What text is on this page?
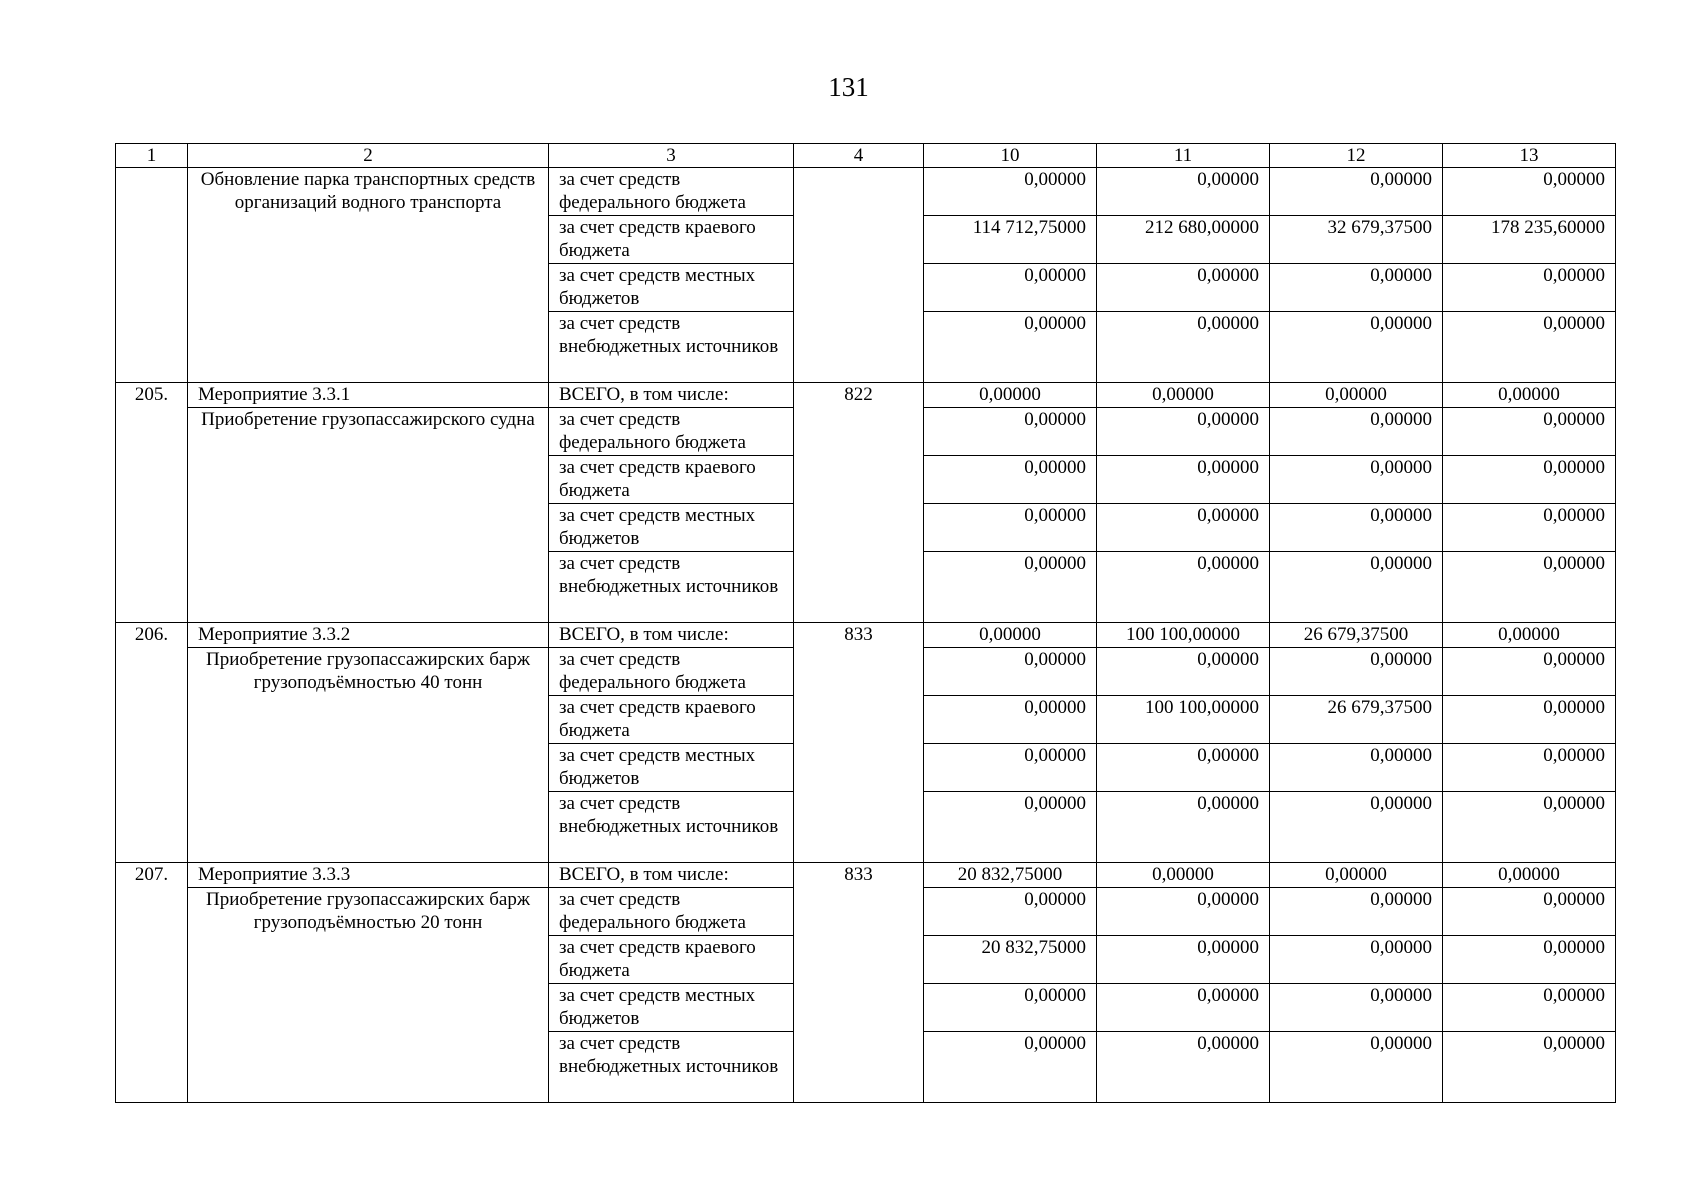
131
1	2	3	4	10	11	12	13
	Обновление парка транспортных средств организаций водного транспорта	за счет средств федерального бюджета		0,00000	0,00000	0,00000	0,00000
		за счет средств краевого бюджета		114 712,75000	212 680,00000	32 679,37500	178 235,60000
		за счет средств местных бюджетов		0,00000	0,00000	0,00000	0,00000
		за счет средств внебюджетных источников		0,00000	0,00000	0,00000	0,00000
205.	Мероприятие 3.3.1	ВСЕГО, в том числе:	822	0,00000	0,00000	0,00000	0,00000
	Приобретение грузопассажирского судна	за счет средств федерального бюджета		0,00000	0,00000	0,00000	0,00000
		за счет средств краевого бюджета		0,00000	0,00000	0,00000	0,00000
		за счет средств местных бюджетов		0,00000	0,00000	0,00000	0,00000
		за счет средств внебюджетных источников		0,00000	0,00000	0,00000	0,00000
206.	Мероприятие 3.3.2	ВСЕГО, в том числе:	833	0,00000	100 100,00000	26 679,37500	0,00000
	Приобретение грузопассажирских барж грузоподъёмностью 40 тонн	за счет средств федерального бюджета		0,00000	0,00000	0,00000	0,00000
		за счет средств краевого бюджета		0,00000	100 100,00000	26 679,37500	0,00000
		за счет средств местных бюджетов		0,00000	0,00000	0,00000	0,00000
		за счет средств внебюджетных источников		0,00000	0,00000	0,00000	0,00000
207.	Мероприятие 3.3.3	ВСЕГО, в том числе:	833	20 832,75000	0,00000	0,00000	0,00000
	Приобретение грузопассажирских барж грузоподъёмностью 20 тонн	за счет средств федерального бюджета		0,00000	0,00000	0,00000	0,00000
		за счет средств краевого бюджета		20 832,75000	0,00000	0,00000	0,00000
		за счет средств местных бюджетов		0,00000	0,00000	0,00000	0,00000
		за счет средств внебюджетных источников		0,00000	0,00000	0,00000	0,00000
